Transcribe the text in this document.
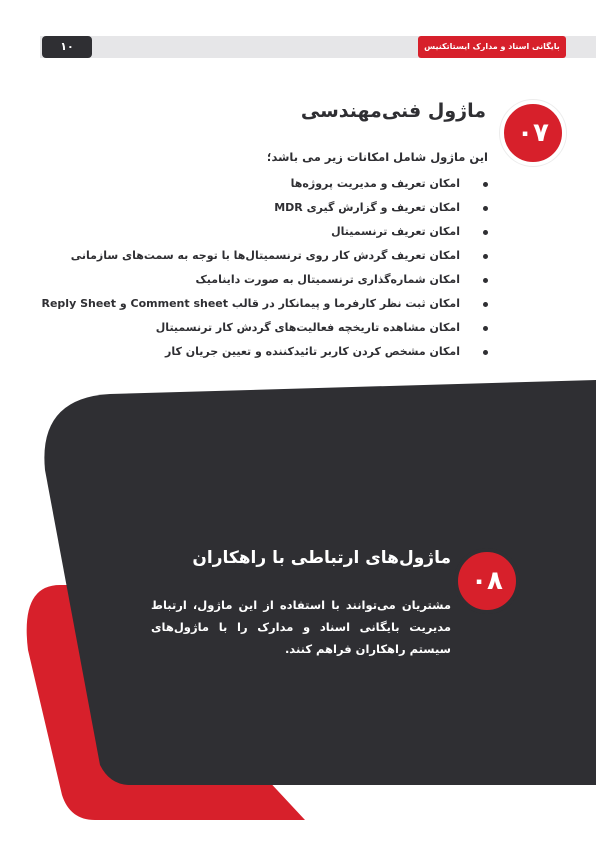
۱۰	بایگانی اسناد و مدارک ایستا‌تکنیس
۰۷
ماژول فنی‌مهندسی
این ماژول شامل امکانات زیر می باشد؛
امکان تعریف و مدیریت پروژه‌ها
امکان تعریف و گزارش گیری MDR
امکان تعریف ترنسمیتال
امکان تعریف گردش کار روی ترنسمیتال‌ها با توجه به سمت‌های سازمانی
امکان شماره‌گذاری ترنسمیتال به صورت داینامیک
امکان ثبت نظر کارفرما و پیمانکار در قالب Comment sheet و Reply Sheet
امکان مشاهده تاریخچه فعالیت‌های گردش کار ترنسمیتال
امکان مشخص کردن کاربر تائیدکننده و تعیین جریان کار
۰۸
ماژول‌های ارتباطی با راهکاران
مشتریان می‌توانند با استفاده از این ماژول، ارتباط مدیریت بایگانی اسناد و مدارک را با ماژول‌های سیستم راهکاران فراهم کنند.
